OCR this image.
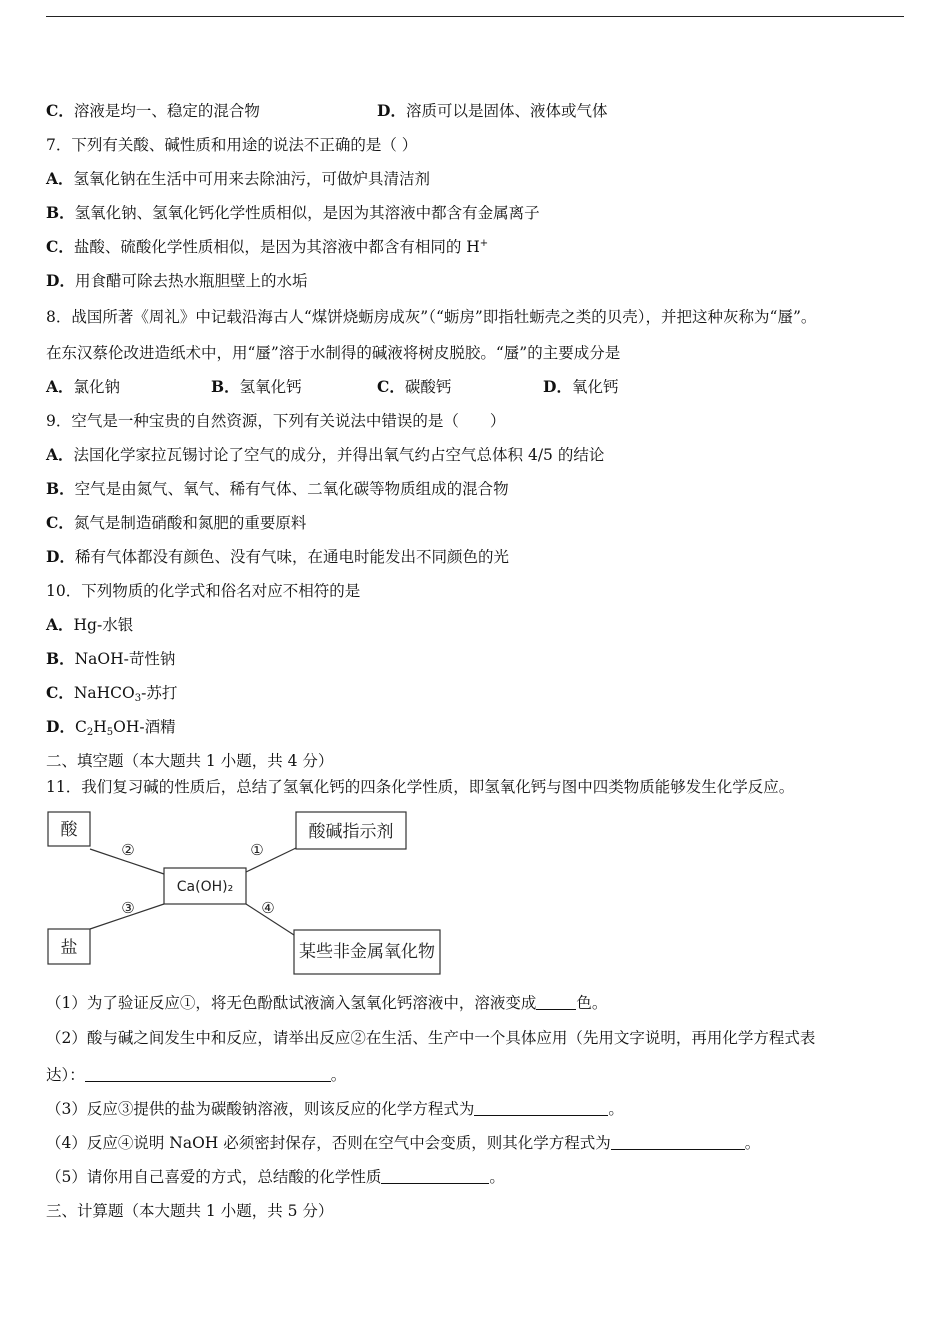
C．溶液是均一、稳定的混合物	D．溶质可以是固体、液体或气体
7．下列有关酸、碱性质和用途的说法不正确的是（ ）
A．氢氧化钠在生活中可用来去除油污，可做炉具清洁剂
B．氢氧化钠、氢氧化钙化学性质相似，是因为其溶液中都含有金属离子
C．盐酸、硫酸化学性质相似，是因为其溶液中都含有相同的 H+
D．用食醋可除去热水瓶胆壁上的水垢
8．战国所著《周礼》中记载沿海古人“煤饼烧蛎房成灰”（“蛎房”即指牡蛎壳之类的贝壳），并把这种灰称为“蜃”。
在东汉蔡伦改进造纸术中，用“蜃”溶于水制得的碱液将树皮脱胶。“蜃”的主要成分是
A．氯化钠	B．氢氧化钙	C．碳酸钙	D．氧化钙
9．空气是一种宝贵的自然资源，下列有关说法中错误的是（　　）
A．法国化学家拉瓦锡讨论了空气的成分，并得出氧气约占空气总体积 4/5 的结论
B．空气是由氮气、氧气、稀有气体、二氧化碳等物质组成的混合物
C．氮气是制造硝酸和氮肥的重要原料
D．稀有气体都没有颜色、没有气味，在通电时能发出不同颜色的光
10．下列物质的化学式和俗名对应不相符的是
A．Hg-水银
B．NaOH-苛性钠
C．NaHCO$_3$-苏打
D．$C_2H_5OH-$酒精
二、填空题（本大题共 1 小题，共 4 分）
11．我们复习碱的性质后，总结了氢氧化钙的四条化学性质，即氢氧化钙与图中四类物质能够发生化学反应。
酸	酸碱指示剂
盐	某些非金属氧化物
Ca(OH)₂
②	①
③	④
（1）为了验证反应①，将无色酚酞试液滴入氢氧化钙溶液中，溶液变成	色。
（2）酸与碱之间发生中和反应，请举出反应②在生活、生产中一个具体应用（先用文字说明，再用化学方程式表
达）：	。
（3）反应③提供的盐为碳酸钠溶液，则该反应的化学方程式为	。
（4）反应④说明 NaOH 必须密封保存，否则在空气中会变质，则其化学方程式为	。
（5）请你用自己喜爱的方式，总结酸的化学性质	。
三、计算题（本大题共 1 小题，共 5 分）
